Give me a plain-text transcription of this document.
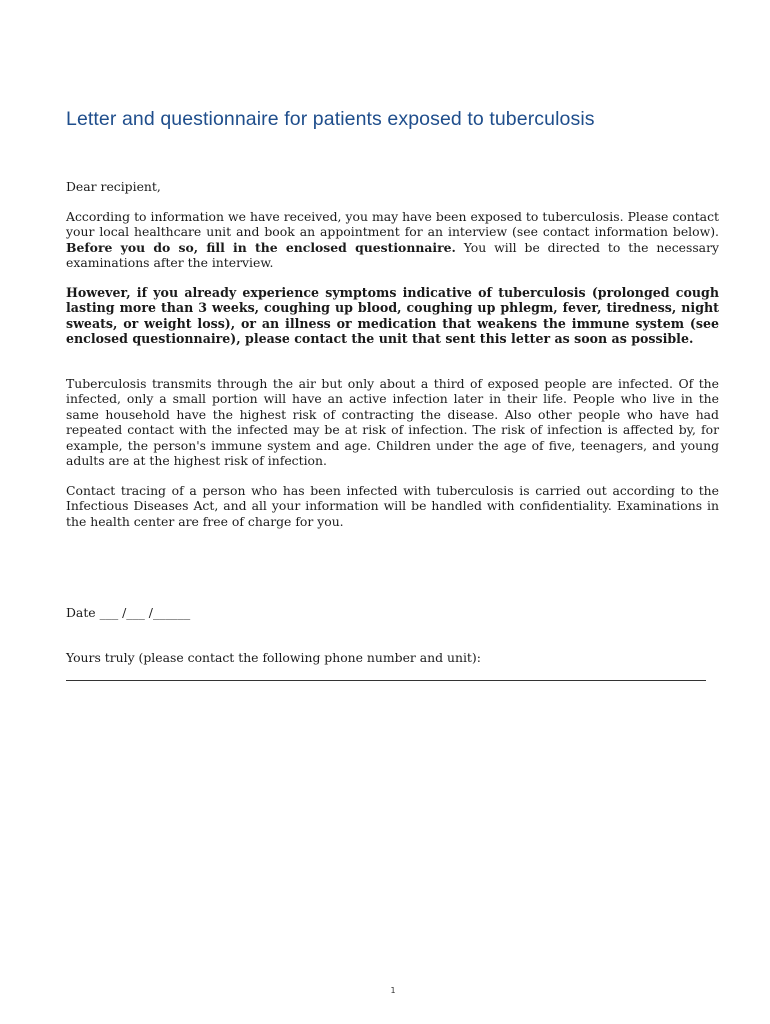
Letter and questionnaire for patients exposed to tuberculosis

Dear recipient,

According to information we have received, you may have been exposed to tuberculosis. Please contact your local healthcare unit and book an appointment for an interview (see contact information below). Before you do so, fill in the enclosed questionnaire. You will be directed to the necessary examinations after the interview.

However, if you already experience symptoms indicative of tuberculosis (prolonged cough lasting more than 3 weeks, coughing up blood, coughing up phlegm, fever, tiredness, night sweats, or weight loss), or an illness or medication that weakens the immune system (see enclosed questionnaire), please contact the unit that sent this letter as soon as possible.

Tuberculosis transmits through the air but only about a third of exposed people are infected. Of the infected, only a small portion will have an active infection later in their life. People who live in the same household have the highest risk of contracting the disease. Also other people who have had repeated contact with the infected may be at risk of infection. The risk of infection is affected by, for example, the person's immune system and age. Children under the age of five, teenagers, and young adults are at the highest risk of infection.

Contact tracing of a person who has been infected with tuberculosis is carried out according to the Infectious Diseases Act, and all your information will be handled with confidentiality. Examinations in the health center are free of charge for you.

Date ___ /___ /______

Yours truly (please contact the following phone number and unit):

1
